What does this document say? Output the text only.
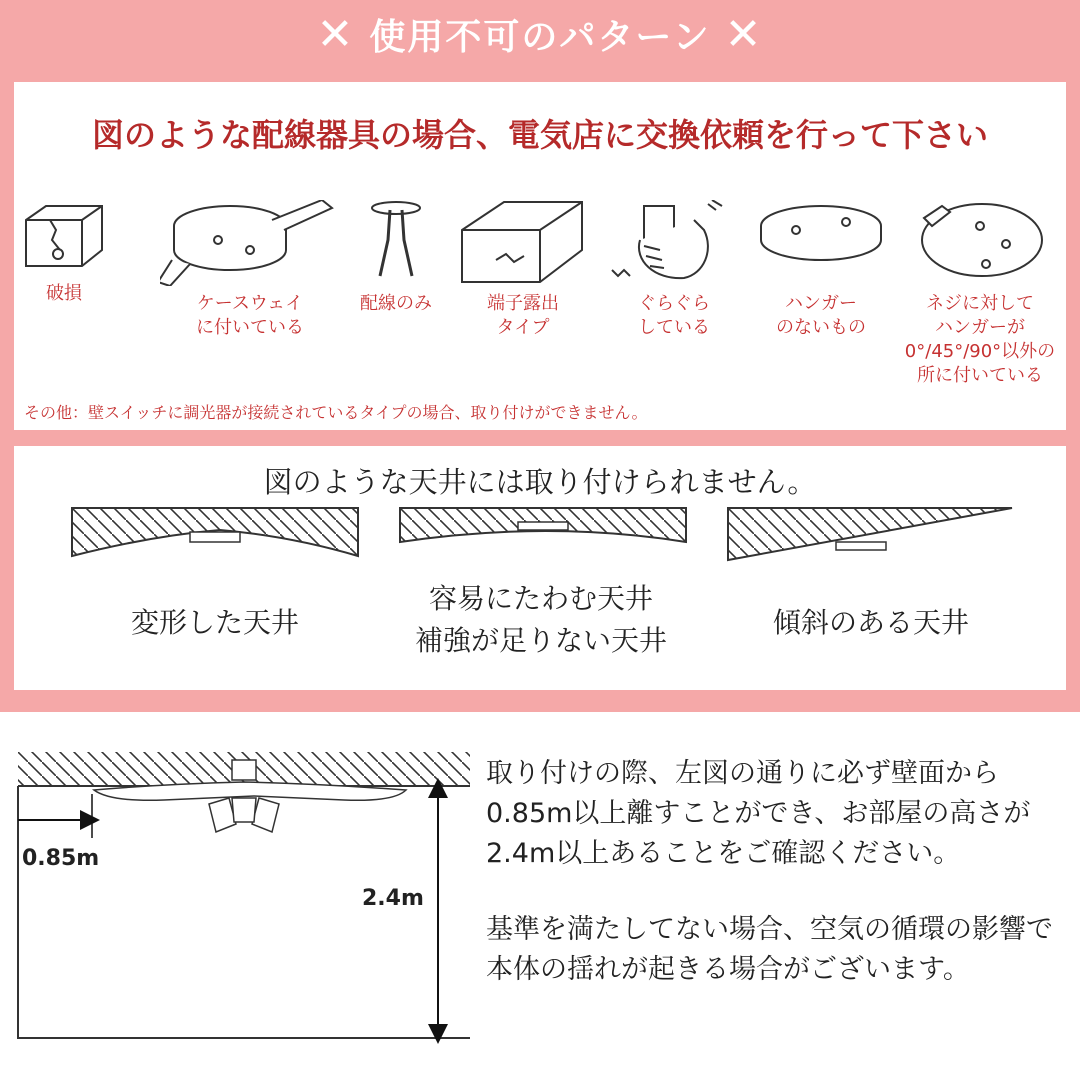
✕ 使用不可のパターン ✕
図のような配線器具の場合、電気店に交換依頼を行って下さい
破損	ケースウェイ
に付いている
配線のみ	端子露出
タイプ
ぐらぐら
している
ハンガー
のないもの
ネジに対して
ハンガーが
0°/45°/90°以外の
所に付いている
その他：壁スイッチに調光器が接続されているタイプの場合、取り付けができません。
図のような天井には取り付けられません。
変形した天井
容易にたわむ天井
補強が足りない天井
傾斜のある天井
0.85m
2.4m

取り付けの際、左図の通りに必ず壁面から0.85m以上離すことができ、お部屋の高さが2.4m以上あることをご確認ください。

基準を満たしてない場合、空気の循環の影響で本体の揺れが起きる場合がございます。
